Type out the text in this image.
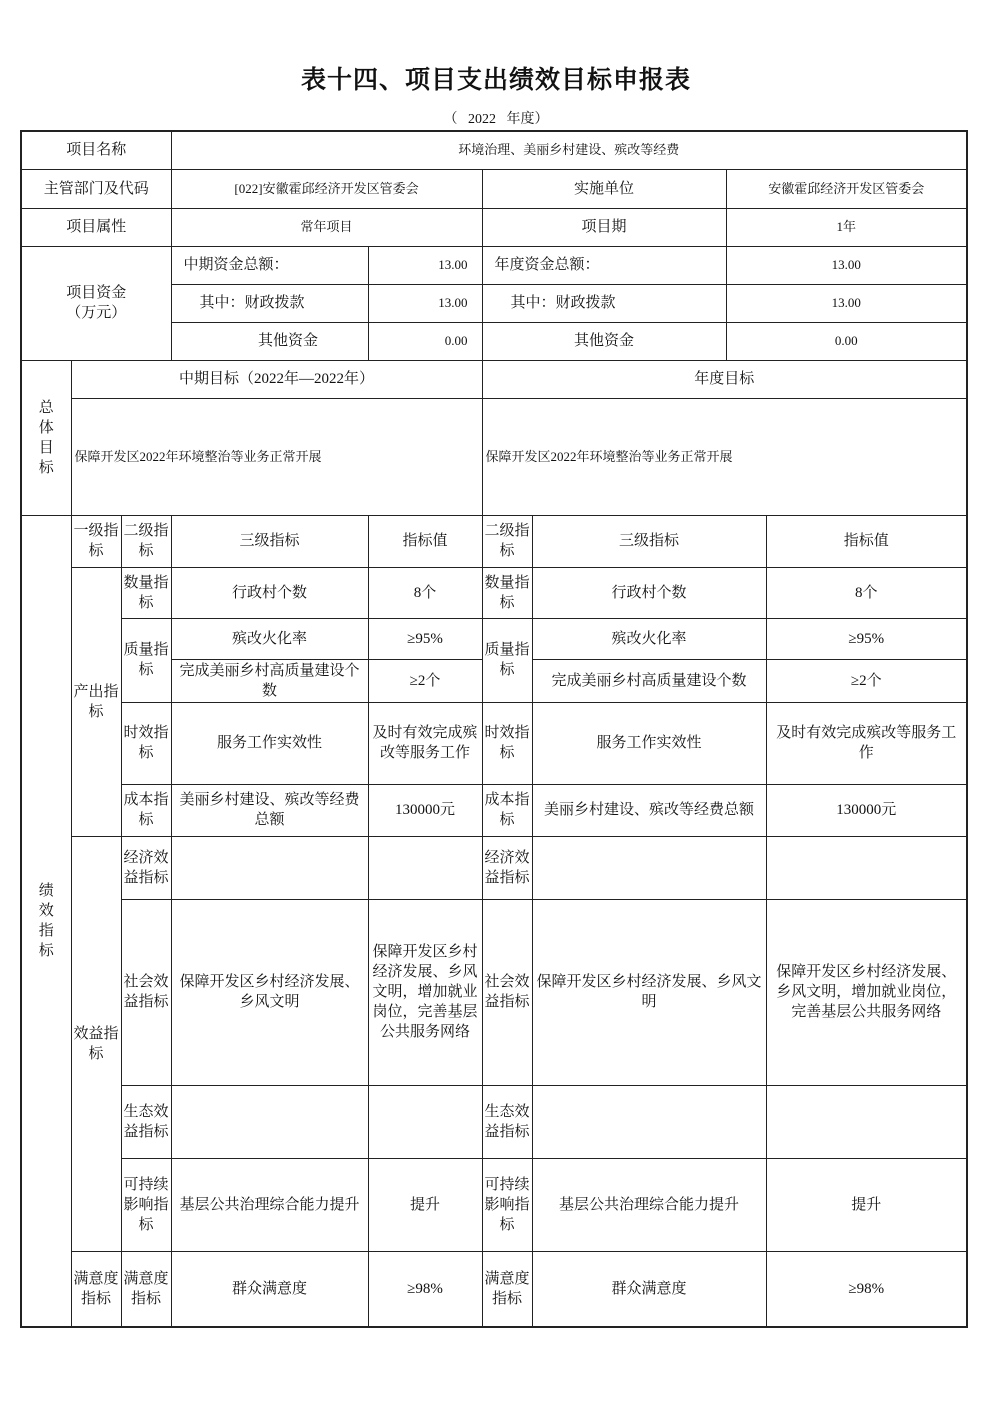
表十四、项目支出绩效目标申报表
（   2022   年度）
项目名称			环境治理、美丽乡村建设、殡改等经费					
主管部门及代码			[022]安徽霍邱经济开发区管委会		实施单位		安徽霍邱经济开发区管委会	
项目属性			常年项目		项目期		1年	
项目资金（万元）			中期资金总额：	13.00	年度资金总额：		13.00	
			其中：财政拨款	13.00	其中：财政拨款		13.00	
			其他资金	0.00	其他资金		0.00	
总体目标	中期目标（2022年—2022年）				年度目标			
	保障开发区2022年环境整治等业务正常开展				保障开发区2022年环境整治等业务正常开展			
绩效指标	一级指标	二级指标	三级指标	指标值	二级指标	三级指标		指标值
	产出指标	数量指标	行政村个数	8个	数量指标	行政村个数		8个
		质量指标	殡改火化率	≥95%	质量指标	殡改火化率		≥95%
			完成美丽乡村高质量建设个数	≥2个		完成美丽乡村高质量建设个数		≥2个
		时效指标	服务工作实效性	及时有效完成殡改等服务工作	时效指标	服务工作实效性		及时有效完成殡改等服务工作
		成本指标	美丽乡村建设、殡改等经费总额	130000元	成本指标	美丽乡村建设、殡改等经费总额		130000元
	效益指标	经济效益指标			经济效益指标			
		社会效益指标	保障开发区乡村经济发展、乡风文明	保障开发区乡村经济发展、乡风文明，增加就业岗位，完善基层公共服务网络	社会效益指标	保障开发区乡村经济发展、乡风文明		保障开发区乡村经济发展、乡风文明，增加就业岗位，完善基层公共服务网络
		生态效益指标			生态效益指标			
		可持续影响指标	基层公共治理综合能力提升	提升	可持续影响指标	基层公共治理综合能力提升		提升
	满意度指标	满意度指标	群众满意度	≥98%	满意度指标	群众满意度		≥98%
